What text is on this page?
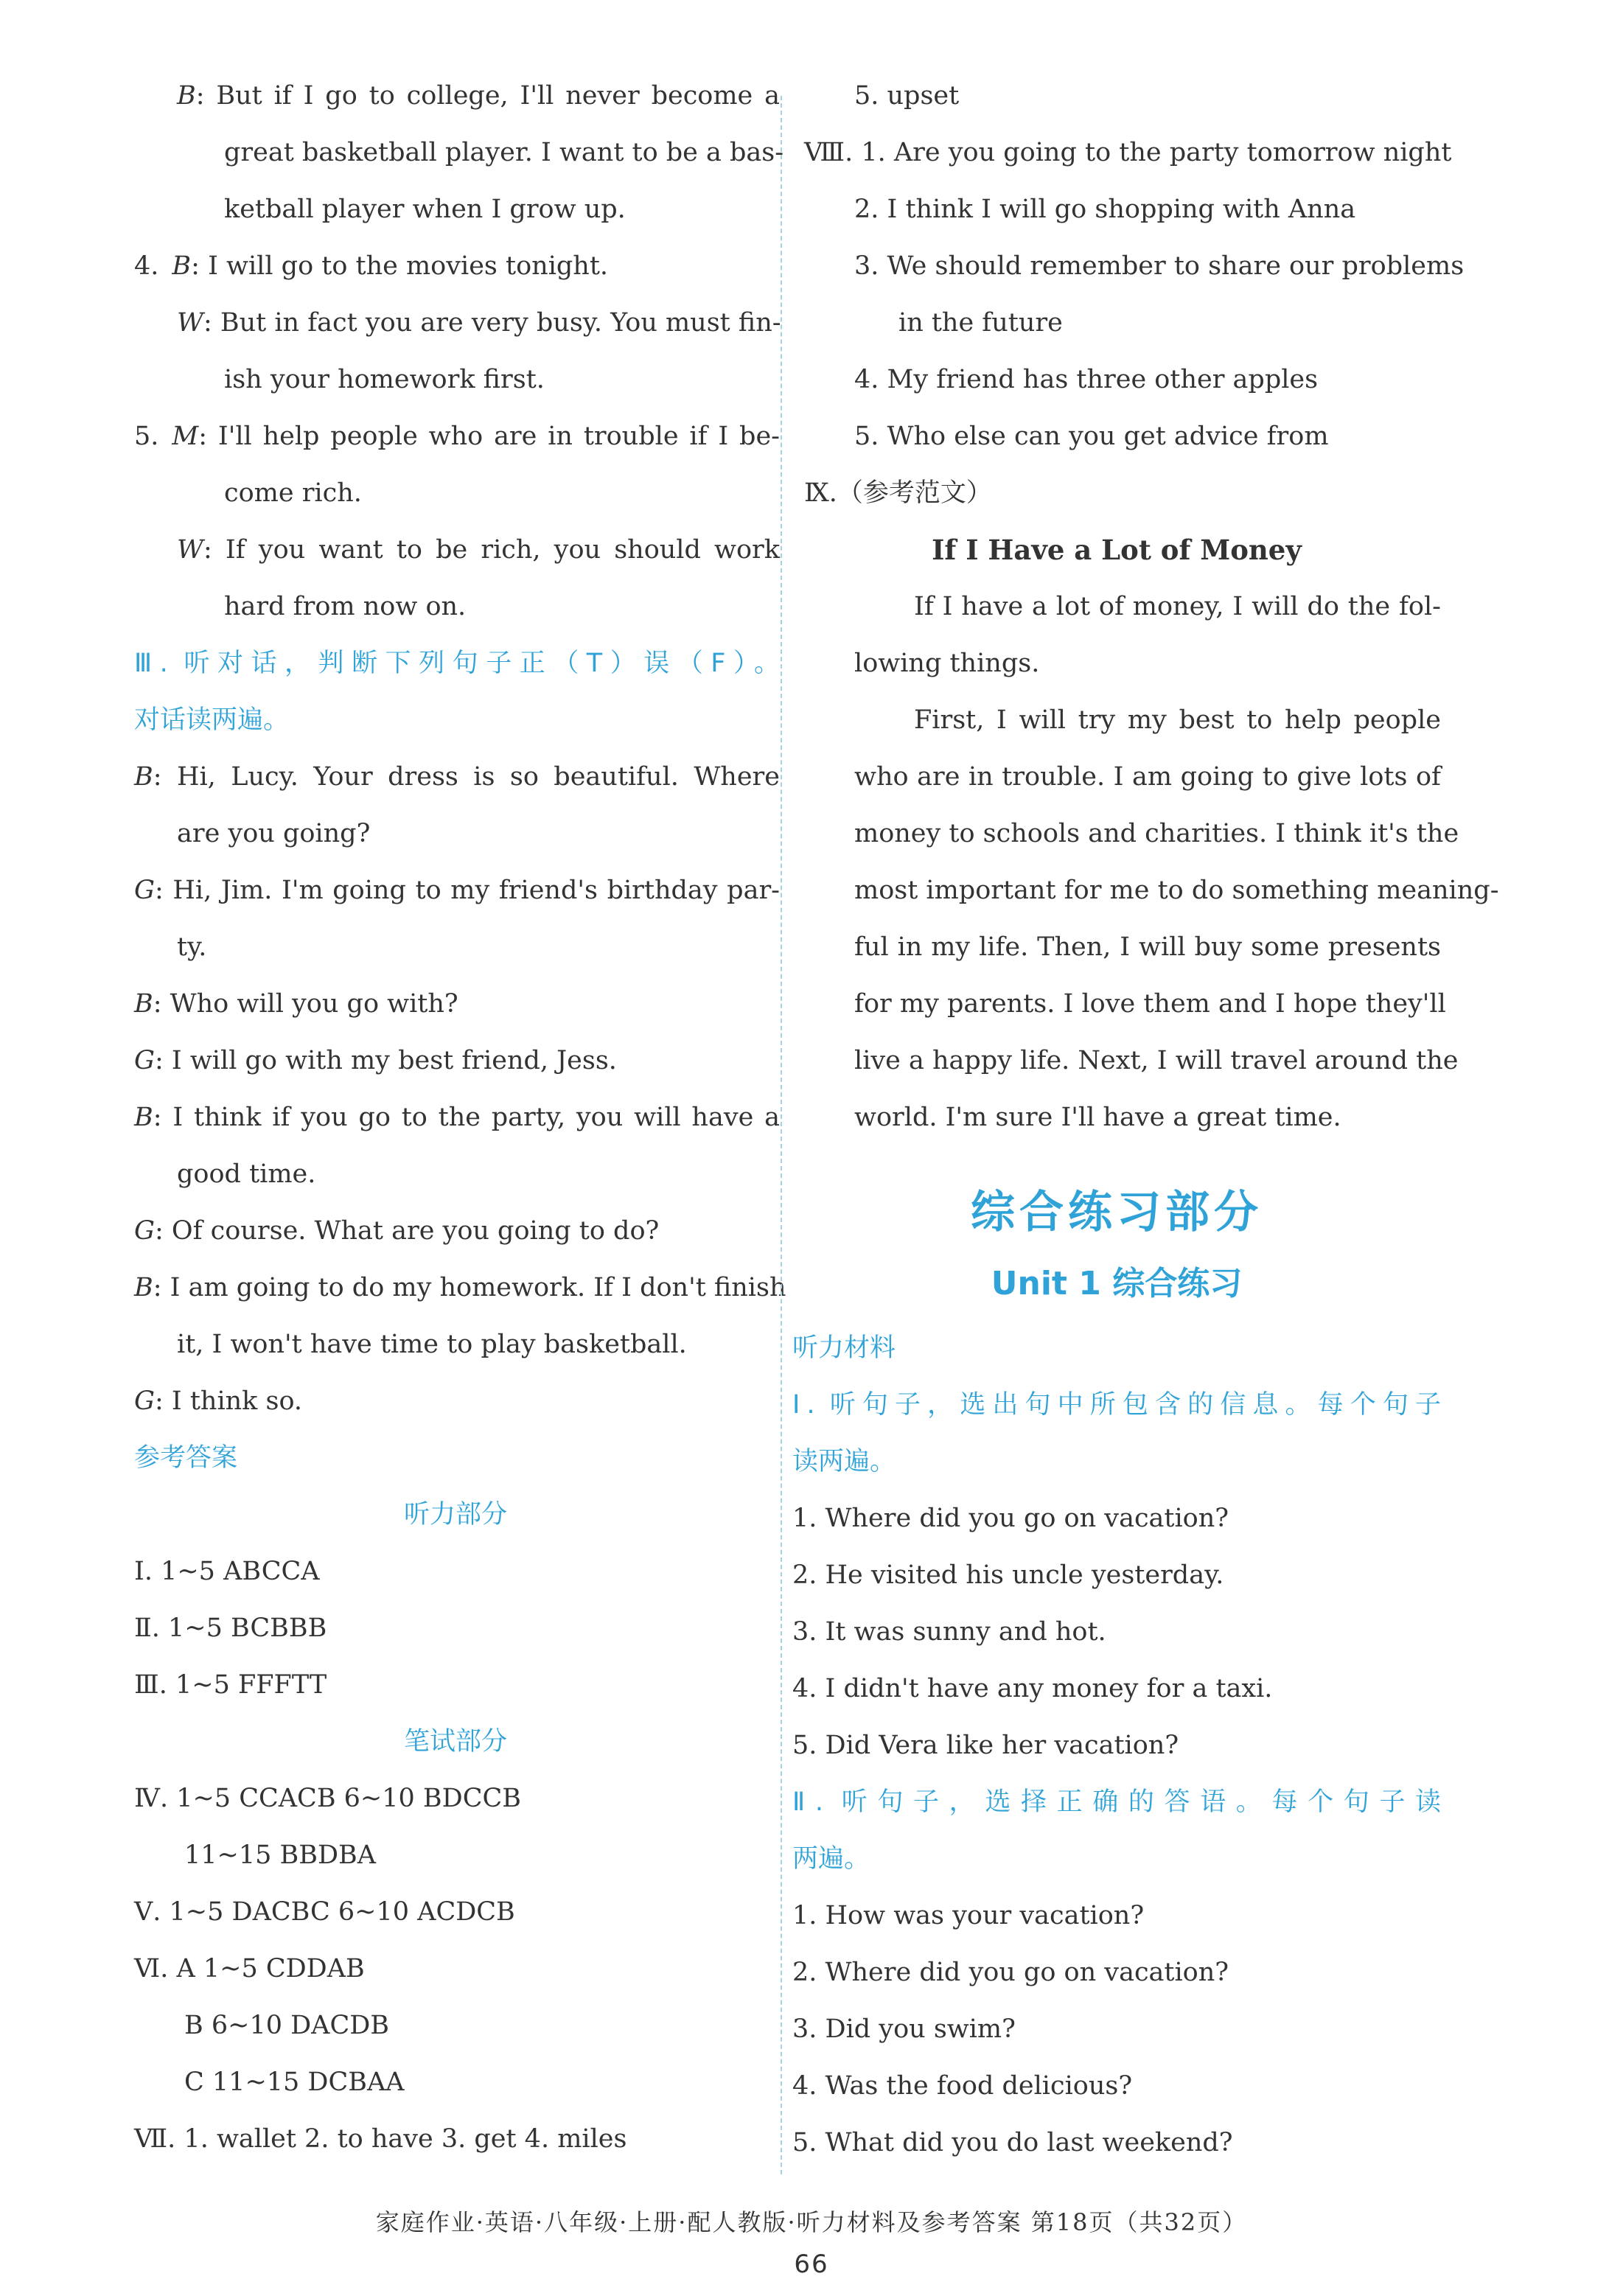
B: But if I go to college, I'll never become a
great basketball player. I want to be a bas-
ketball player when I grow up.
4. B: I will go to the movies tonight.
W: But in fact you are very busy. You must fin-
ish your homework first.
5. M: I'll help people who are in trouble if I be-
come rich.
W: If you want to be rich, you should work
hard from now on.
Ⅲ. 听对话，判断下列句子正（T）误（F）。
对话读两遍。
B: Hi, Lucy. Your dress is so beautiful. Where
are you going?
G: Hi, Jim. I'm going to my friend's birthday par-
ty.
B: Who will you go with?
G: I will go with my best friend, Jess.
B: I think if you go to the party, you will have a
good time.
G: Of course. What are you going to do?
B: I am going to do my homework. If I don't finish
it, I won't have time to play basketball.
G: I think so.
参考答案
听力部分
Ⅰ. 1~5 ABCCA
Ⅱ. 1~5 BCBBB
Ⅲ. 1~5 FFFTT
笔试部分
Ⅳ. 1~5 CCACB 6~10 BDCCB
11~15 BBDBA
Ⅴ. 1~5 DACBC 6~10 ACDCB
Ⅵ. A 1~5 CDDAB
B 6~10 DACDB
C 11~15 DCBAA
Ⅶ. 1. wallet 2. to have 3. get 4. miles
5. upset
Ⅷ. 1. Are you going to the party tomorrow night
2. I think I will go shopping with Anna
3. We should remember to share our problems
in the future
4. My friend has three other apples
5. Who else can you get advice from
Ⅸ.（参考范文）
If I Have a Lot of Money
If I have a lot of money, I will do the fol-
lowing things.
First, I will try my best to help people
who are in trouble. I am going to give lots of
money to schools and charities. I think it's the
most important for me to do something meaning-
ful in my life. Then, I will buy some presents
for my parents. I love them and I hope they'll
live a happy life. Next, I will travel around the
world. I'm sure I'll have a great time.
综合练习部分
Unit 1 综合练习
听力材料
Ⅰ. 听句子，选出句中所包含的信息。每个句子
读两遍。
1. Where did you go on vacation?
2. He visited his uncle yesterday.
3. It was sunny and hot.
4. I didn't have any money for a taxi.
5. Did Vera like her vacation?
Ⅱ. 听句子，选择正确的答语。每个句子读
两遍。
1. How was your vacation?
2. Where did you go on vacation?
3. Did you swim?
4. Was the food delicious?
5. What did you do last weekend?
家庭作业·英语·八年级·上册·配人教版·听力材料及参考答案 第18页（共32页）
66
